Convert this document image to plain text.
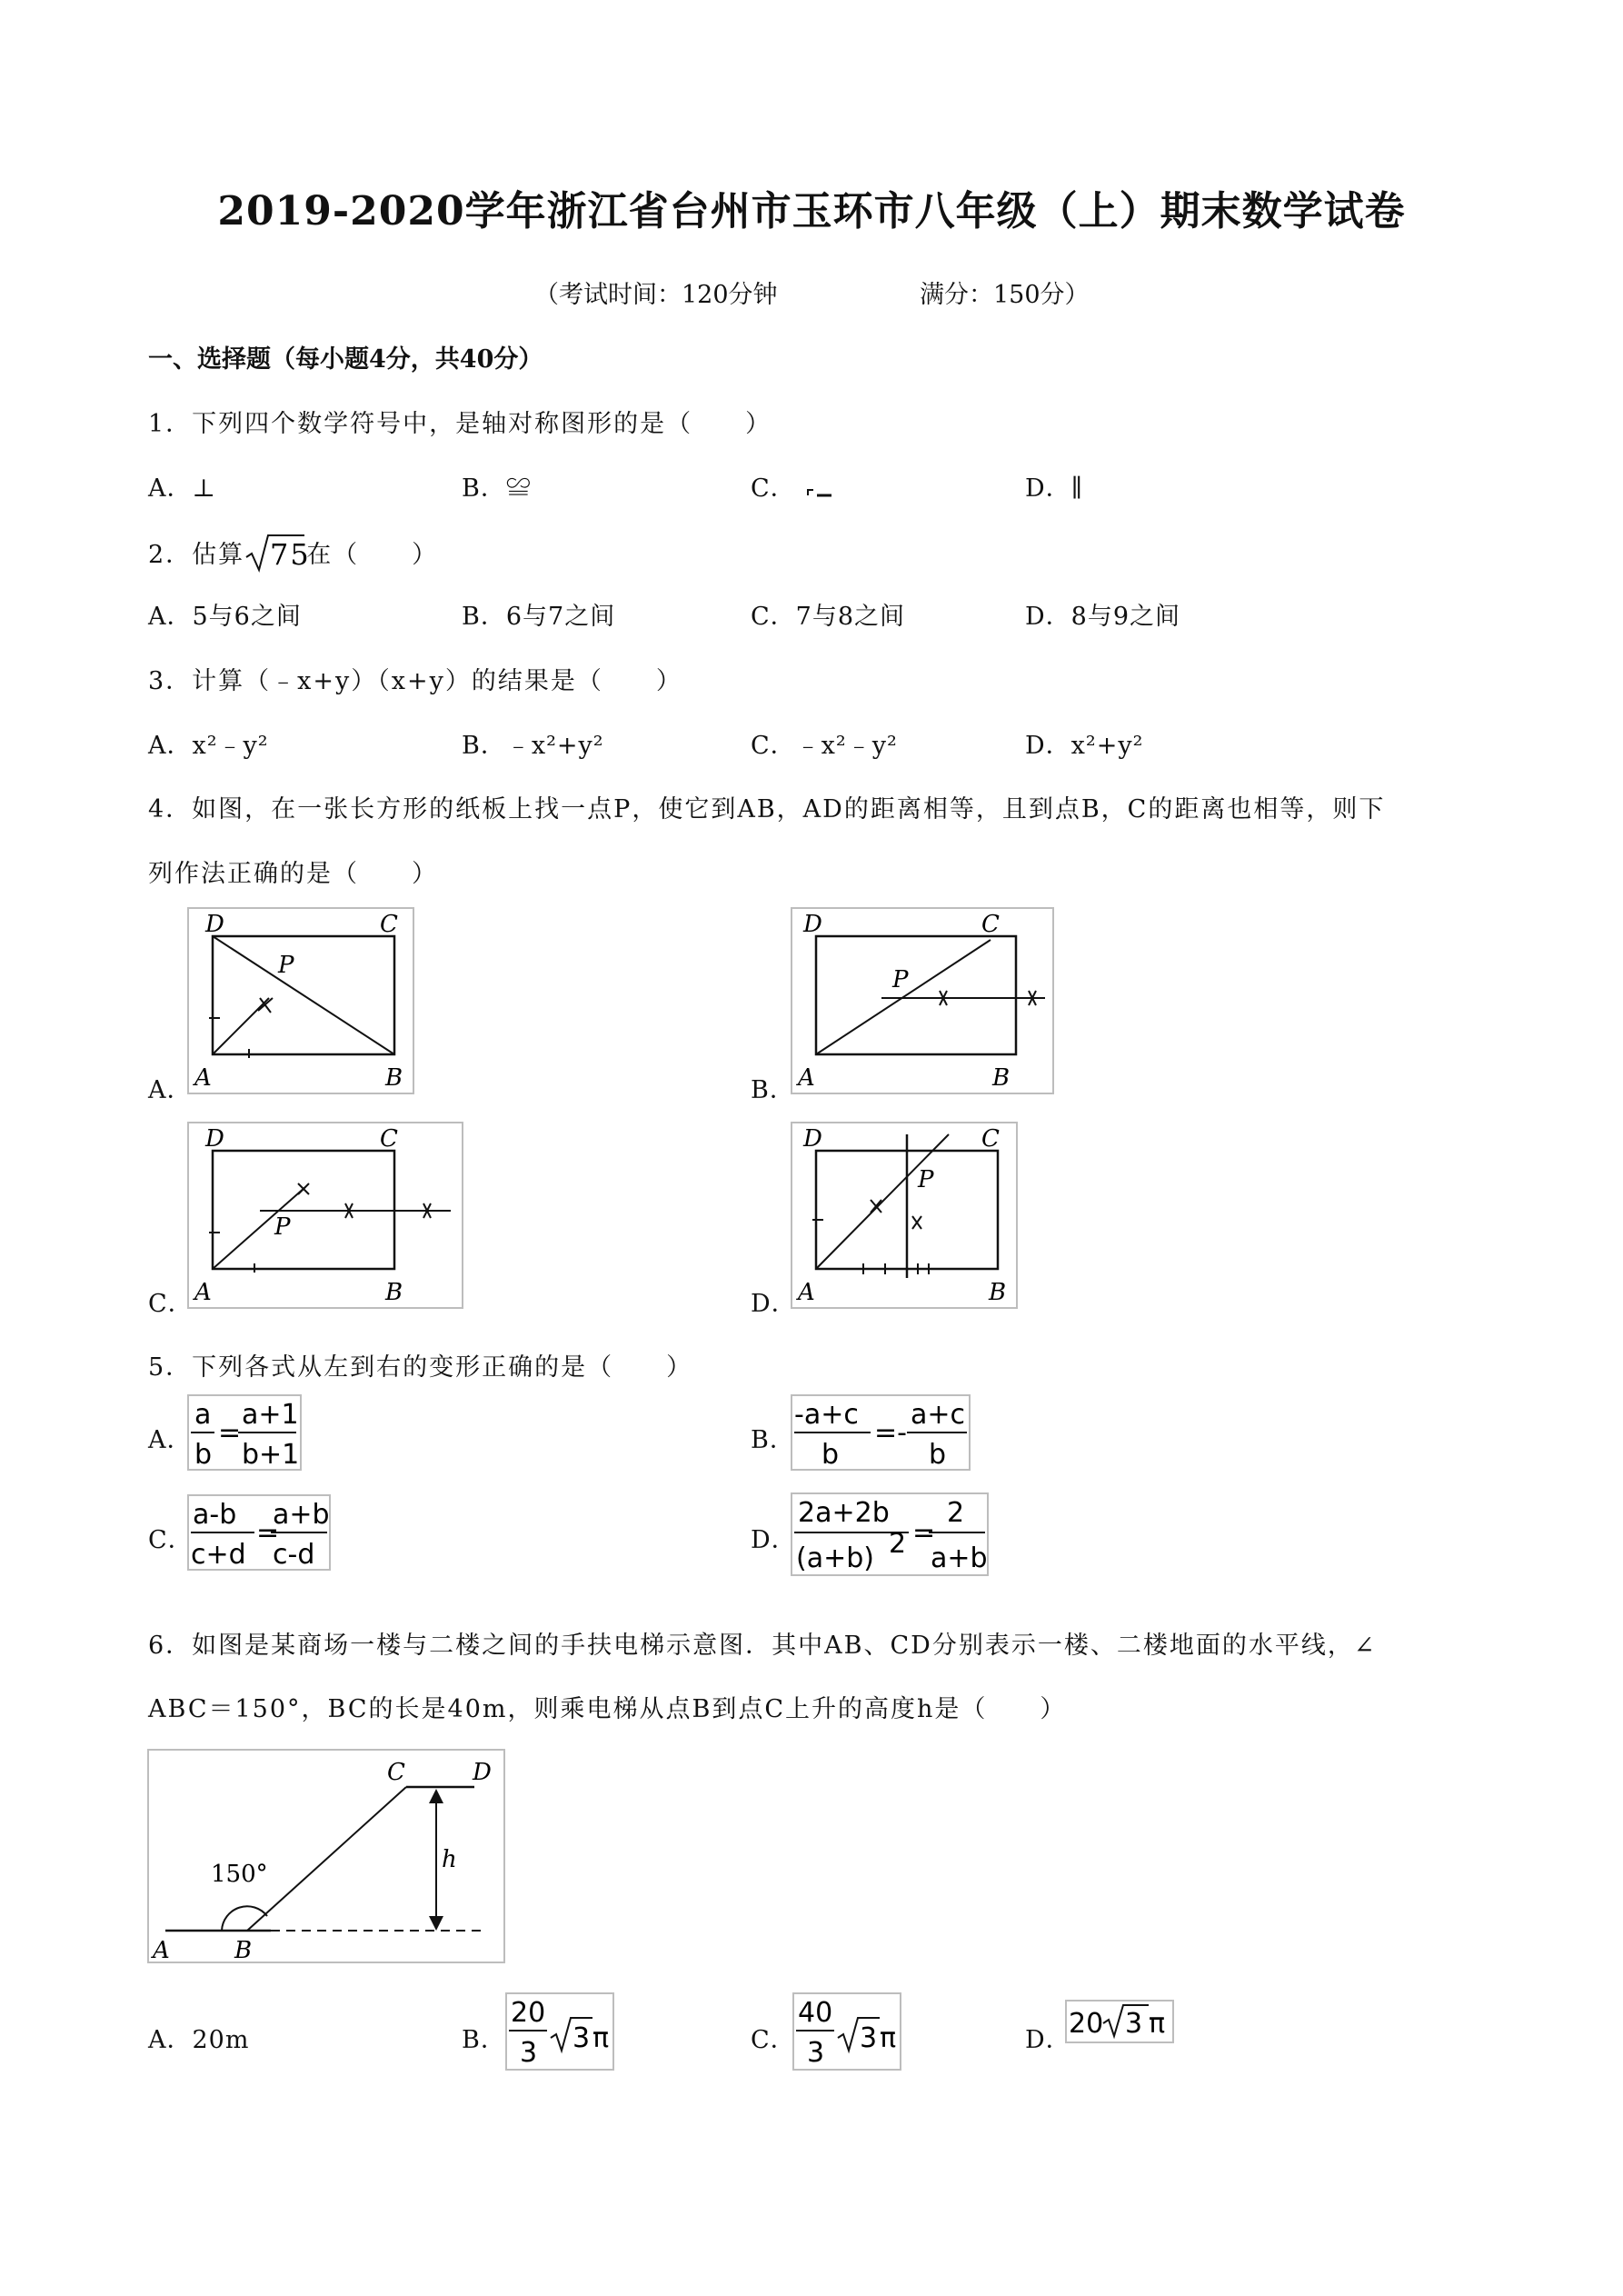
2019-2020学年浙江省台州市玉环市八年级（上）期末数学试卷
（考试时间：120分钟	满分：150分）
一、选择题（每小题4分，共40分）
1．下列四个数学符号中，是轴对称图形的是（　　）
A．⊥	B．≌	C．	D．∥
2．估算 75
在（　　）
A．5与6之间	B．6与7之间	C．7与8之间	D．8与9之间
3．计算（﹣x+y）（x+y）的结果是（　　）
A．x²﹣y²	B．﹣x²+y²	C．﹣x²﹣y²	D．x²+y²
4．如图，在一张长方形的纸板上找一点P，使它到AB，AD的距离相等，且到点B，C的距离也相等，则下
列作法正确的是（　　）
A．
D	C
A	B
P
B．
D	C
A	B
P
C．
D	C
A	B
P
D．
D	C
A	B
P
5．下列各式从左到右的变形正确的是（　　）
A．
a
b
=
a+1
b+1	B．
-a+c
b
=-
a+c
b
C．
a-b
c+d
=
a+b
c-d	D．
2a+2b
(a+b) 2 =
2
a+b
6．如图是某商场一楼与二楼之间的手扶电梯示意图．其中AB、CD分别表示一楼、二楼地面的水平线，∠
ABC＝150°，BC的长是40m，则乘电梯从点B到点C上升的高度h是（　　）
150°
C	D
A	B
h
A．20m	B．
20
3 3 π	C．
40
3 3 π	D．
20 3 π
